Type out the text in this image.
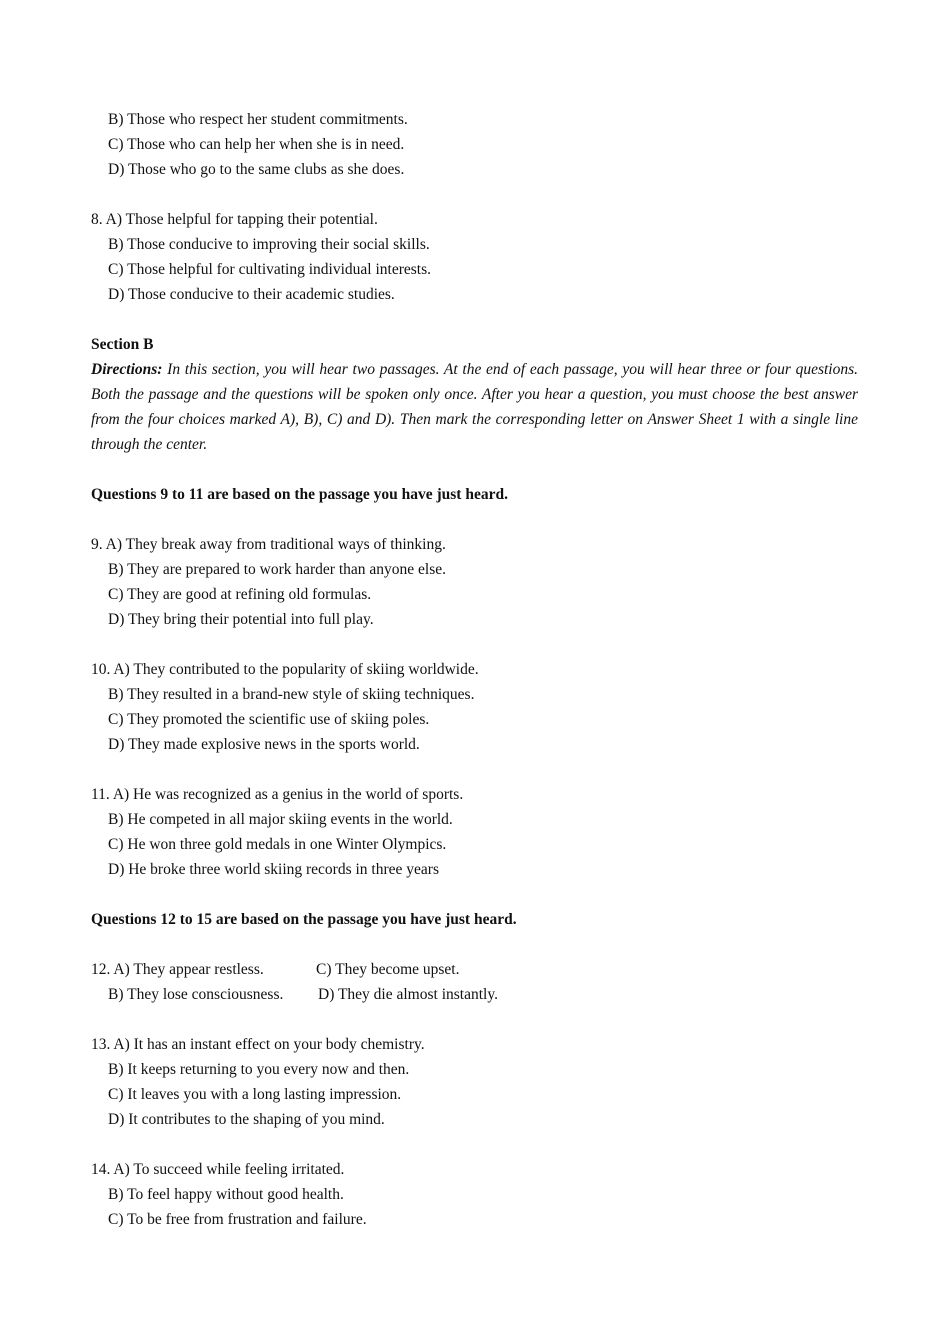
B) Those who respect her student commitments.
C) Those who can help her when she is in need.
D) Those who go to the same clubs as she does.
8. A) Those helpful for tapping their potential.
B) Those conducive to improving their social skills.
C) Those helpful for cultivating individual interests.
D) Those conducive to their academic studies.
Section B
Directions: In this section, you will hear two passages. At the end of each passage, you will hear three or four questions. Both the passage and the questions will be spoken only once. After you hear a question, you must choose the best answer from the four choices marked A), B), C) and D). Then mark the corresponding letter on Answer Sheet 1 with a single line through the center.
Questions 9 to 11 are based on the passage you have just heard.
9. A) They break away from traditional ways of thinking.
B) They are prepared to work harder than anyone else.
C) They are good at refining old formulas.
D) They bring their potential into full play.
10. A) They contributed to the popularity of skiing worldwide.
B) They resulted in a brand-new style of skiing techniques.
C) They promoted the scientific use of skiing poles.
D) They made explosive news in the sports world.
11. A) He was recognized as a genius in the world of sports.
B) He competed in all major skiing events in the world.
C) He won three gold medals in one Winter Olympics.
D) He broke three world skiing records in three years
Questions 12 to 15 are based on the passage you have just heard.
12. A) They appear restless.	C) They become upset.
B) They lose consciousness. D) They die almost instantly.
13. A) It has an instant effect on your body chemistry.
B) It keeps returning to you every now and then.
C) It leaves you with a long lasting impression.
D) It contributes to the shaping of you mind.
14. A) To succeed while feeling irritated.
B) To feel happy without good health.
C) To be free from frustration and failure.
